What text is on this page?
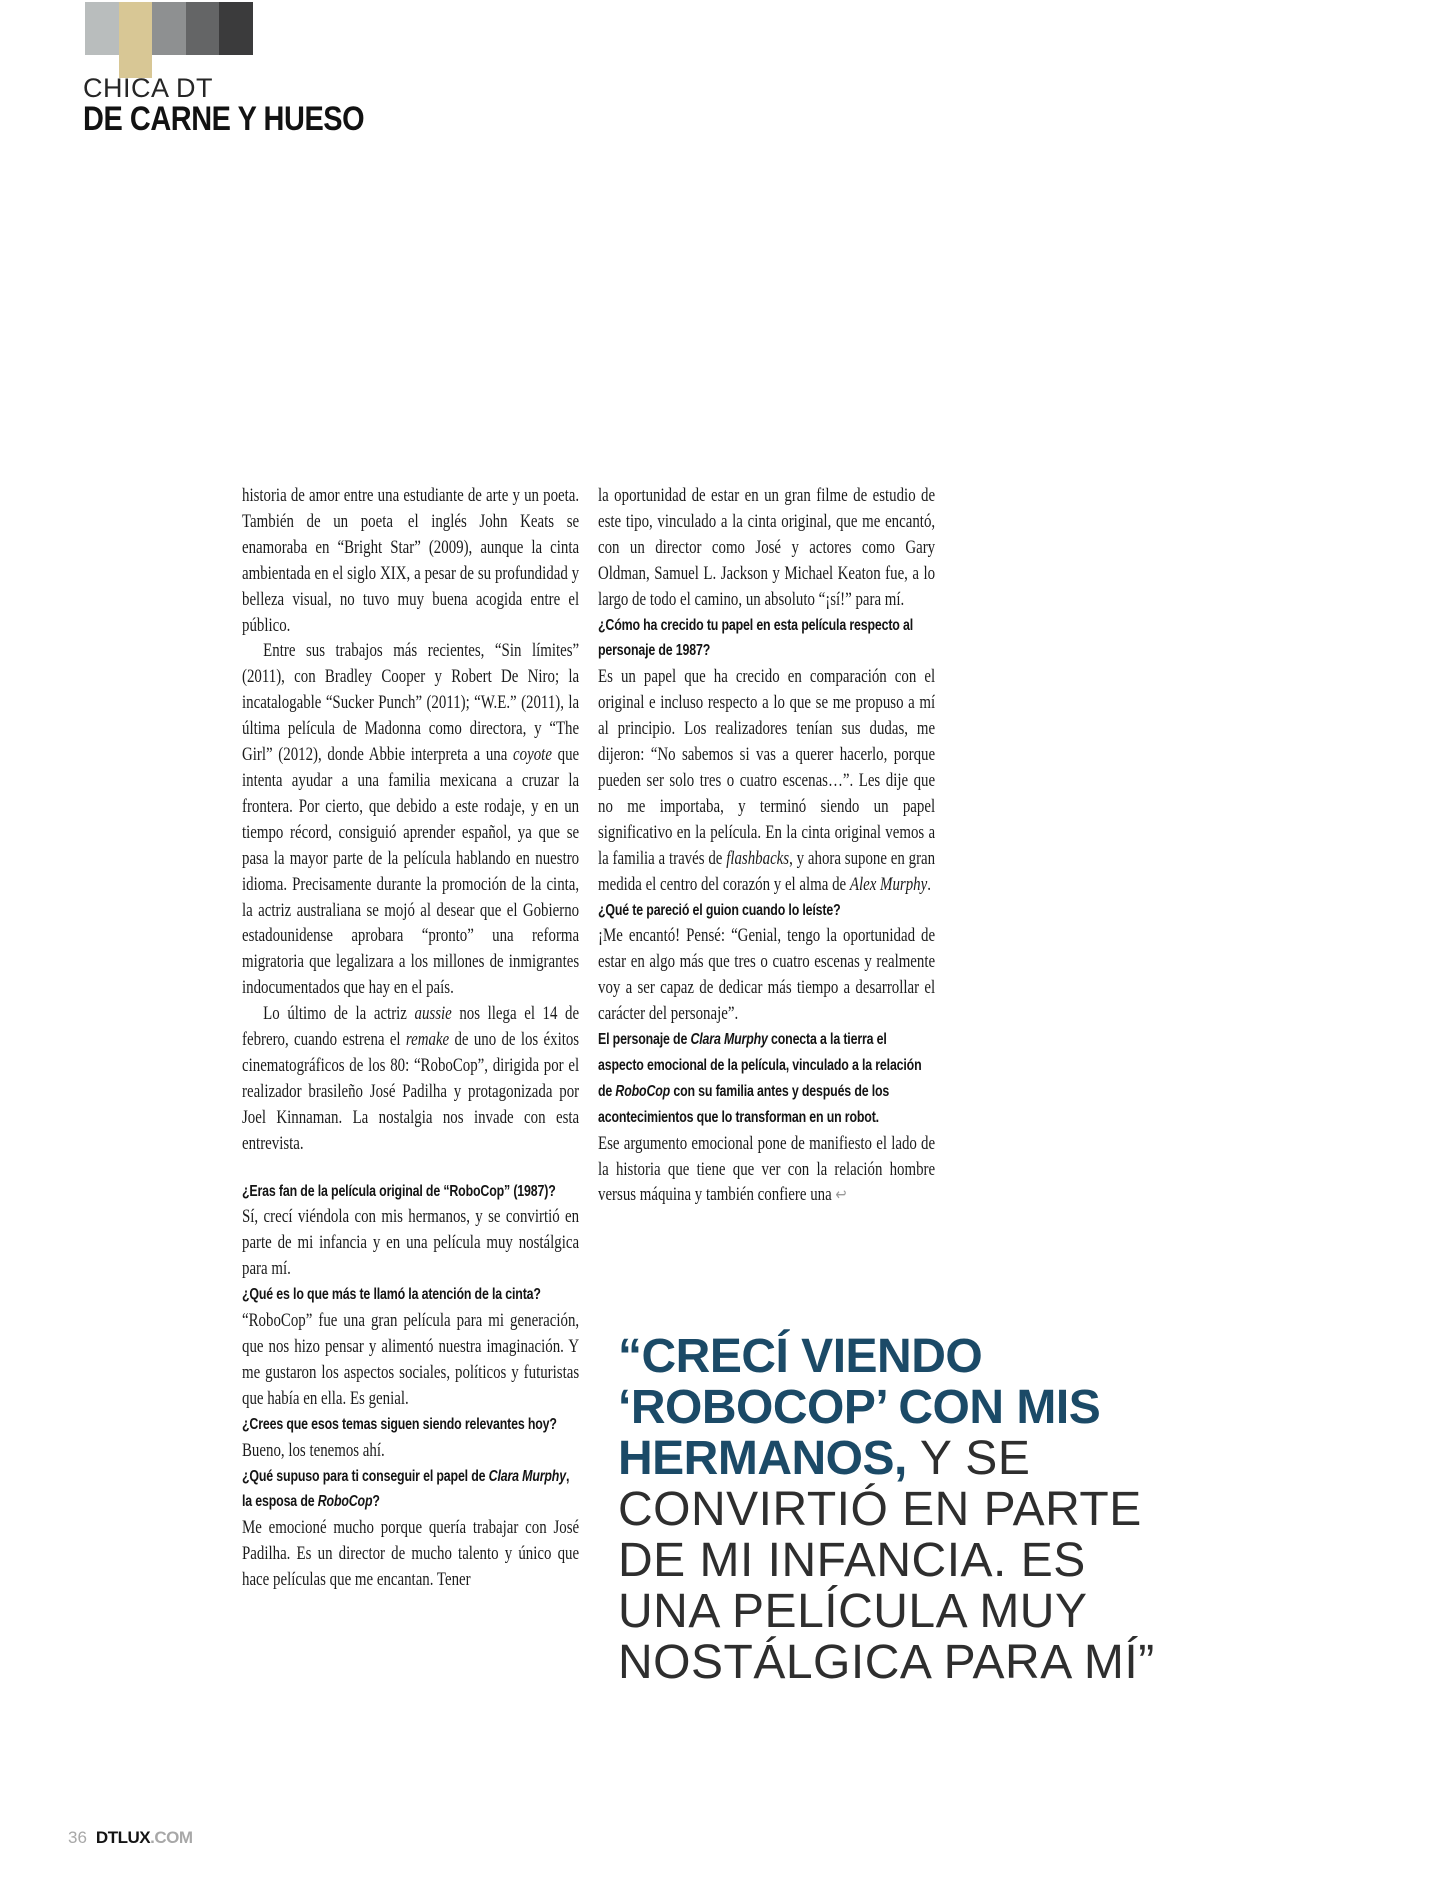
CHICA DT
DE CARNE Y HUESO

historia de amor entre una estudiante de arte y un poeta. También de un poeta el inglés John Keats se enamoraba en “Bright Star” (2009), aunque la cinta ambientada en el siglo XIX, a pesar de su profundidad y belleza visual, no tuvo muy buena acogida entre el público.

Entre sus trabajos más recientes, “Sin límites” (2011), con Bradley Cooper y Robert De Niro; la incatalogable “Sucker Punch” (2011); “W.E.” (2011), la última película de Madonna como directora, y “The Girl” (2012), donde Abbie interpreta a una coyote que intenta ayudar a una familia mexicana a cruzar la frontera. Por cierto, que debido a este rodaje, y en un tiempo récord, consiguió aprender español, ya que se pasa la mayor parte de la película hablando en nuestro idioma. Precisamente durante la promoción de la cinta, la actriz australiana se mojó al desear que el Gobierno estadounidense aprobara “pronto” una reforma migratoria que legalizara a los millones de inmigrantes indocumentados que hay en el país.

Lo último de la actriz aussie nos llega el 14 de febrero, cuando estrena el remake de uno de los éxitos cinematográficos de los 80: “RoboCop”, dirigida por el realizador brasileño José Padilha y protagonizada por Joel Kinnaman. La nostalgia nos invade con esta entrevista.

¿Eras fan de la película original de “RoboCop” (1987)?

Sí, crecí viéndola con mis hermanos, y se convirtió en parte de mi infancia y en una película muy nostálgica para mí.

¿Qué es lo que más te llamó la atención de la cinta?

“RoboCop” fue una gran película para mi generación, que nos hizo pensar y alimentó nuestra imaginación. Y me gustaron los aspectos sociales, políticos y futuristas que había en ella. Es genial.

¿Crees que esos temas siguen siendo relevantes hoy?

Bueno, los tenemos ahí.

¿Qué supuso para ti conseguir el papel de Clara Murphy, la esposa de RoboCop?

Me emocioné mucho porque quería trabajar con José Padilha. Es un director de mucho talento y único que hace películas que me encantan. Tener

la oportunidad de estar en un gran filme de estudio de este tipo, vinculado a la cinta original, que me encantó, con un director como José y actores como Gary Oldman, Samuel L. Jackson y Michael Keaton fue, a lo largo de todo el camino, un absoluto “¡sí!” para mí.

¿Cómo ha crecido tu papel en esta película respecto al personaje de 1987?

Es un papel que ha crecido en comparación con el original e incluso respecto a lo que se me propuso a mí al principio. Los realizadores tenían sus dudas, me dijeron: “No sabemos si vas a querer hacerlo, porque pueden ser solo tres o cuatro escenas…”. Les dije que no me importaba, y terminó siendo un papel significativo en la película. En la cinta original vemos a la familia a través de flashbacks, y ahora supone en gran medida el centro del corazón y el alma de Alex Murphy.

¿Qué te pareció el guion cuando lo leíste?

¡Me encantó! Pensé: “Genial, tengo la oportunidad de estar en algo más que tres o cuatro escenas y realmente voy a ser capaz de dedicar más tiempo a desarrollar el carácter del personaje”.

El personaje de Clara Murphy conecta a la tierra el aspecto emocional de la película, vinculado a la relación de RoboCop con su familia antes y después de los acontecimientos que lo transforman en un robot.

Ese argumento emocional pone de manifiesto el lado de la historia que tiene que ver con la relación hombre versus máquina y también confiere una ↩

“CRECÍ VIENDO
‘ROBOCOP’ CON MIS
HERMANOS, Y SE
CONVIRTIÓ EN PARTE
DE MI INFANCIA. ES
UNA PELÍCULA MUY
NOSTÁLGICA PARA MÍ”
36 DTLUX.COM
